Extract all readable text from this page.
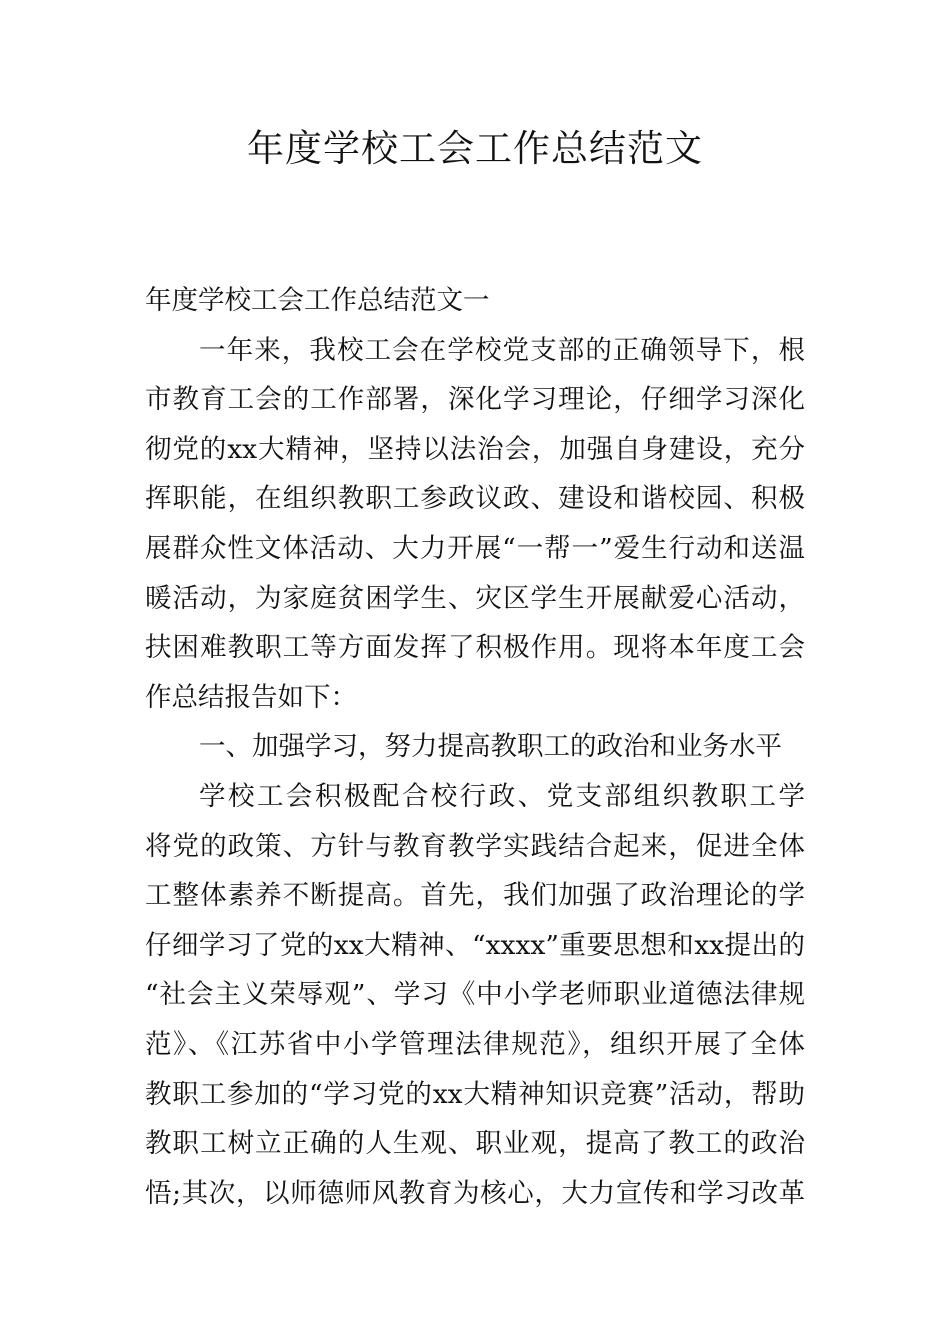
年度学校工会工作总结范文
年度学校工会工作总结范文一
一年来，我校工会在学校党支部的正确领导下，根
市教育工会的工作部署，深化学习理论，仔细学习深化
彻党的xx大精神，坚持以法治会，加强自身建设，充分
挥职能，在组织教职工参政议政、建设和谐校园、积极
展群众性文体活动、大力开展“一帮一”爱生行动和送温
暖活动，为家庭贫困学生、灾区学生开展献爱心活动，
扶困难教职工等方面发挥了积极作用。现将本年度工会
作总结报告如下：
一、加强学习，努力提高教职工的政治和业务水平
学校工会积极配合校行政、党支部组织教职工学
将党的政策、方针与教育教学实践结合起来，促进全体
工整体素养不断提高。首先，我们加强了政治理论的学
仔细学习了党的xx大精神、“xxxx”重要思想和xx提出的
“社会主义荣辱观”、学习《中小学老师职业道德法律规
范》、《江苏省中小学管理法律规范》，组织开展了全体
教职工参加的“学习党的xx大精神知识竞赛”活动，帮助
教职工树立正确的人生观、职业观，提高了教工的政治
悟;其次，以师德师风教育为核心，大力宣传和学习改革
